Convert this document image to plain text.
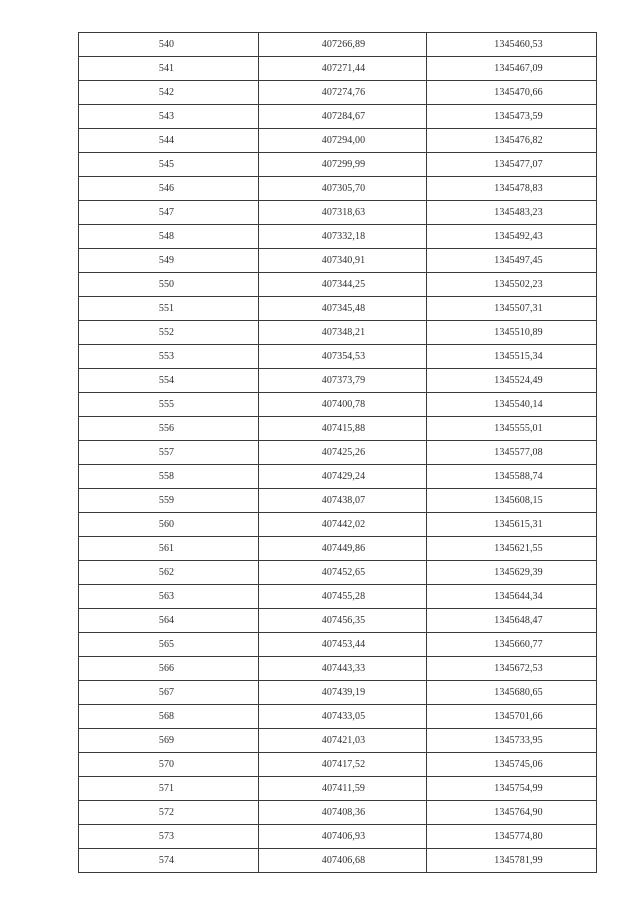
540	407266,89	1345460,53
541	407271,44	1345467,09
542	407274,76	1345470,66
543	407284,67	1345473,59
544	407294,00	1345476,82
545	407299,99	1345477,07
546	407305,70	1345478,83
547	407318,63	1345483,23
548	407332,18	1345492,43
549	407340,91	1345497,45
550	407344,25	1345502,23
551	407345,48	1345507,31
552	407348,21	1345510,89
553	407354,53	1345515,34
554	407373,79	1345524,49
555	407400,78	1345540,14
556	407415,88	1345555,01
557	407425,26	1345577,08
558	407429,24	1345588,74
559	407438,07	1345608,15
560	407442,02	1345615,31
561	407449,86	1345621,55
562	407452,65	1345629,39
563	407455,28	1345644,34
564	407456,35	1345648,47
565	407453,44	1345660,77
566	407443,33	1345672,53
567	407439,19	1345680,65
568	407433,05	1345701,66
569	407421,03	1345733,95
570	407417,52	1345745,06
571	407411,59	1345754,99
572	407408,36	1345764,90
573	407406,93	1345774,80
574	407406,68	1345781,99
